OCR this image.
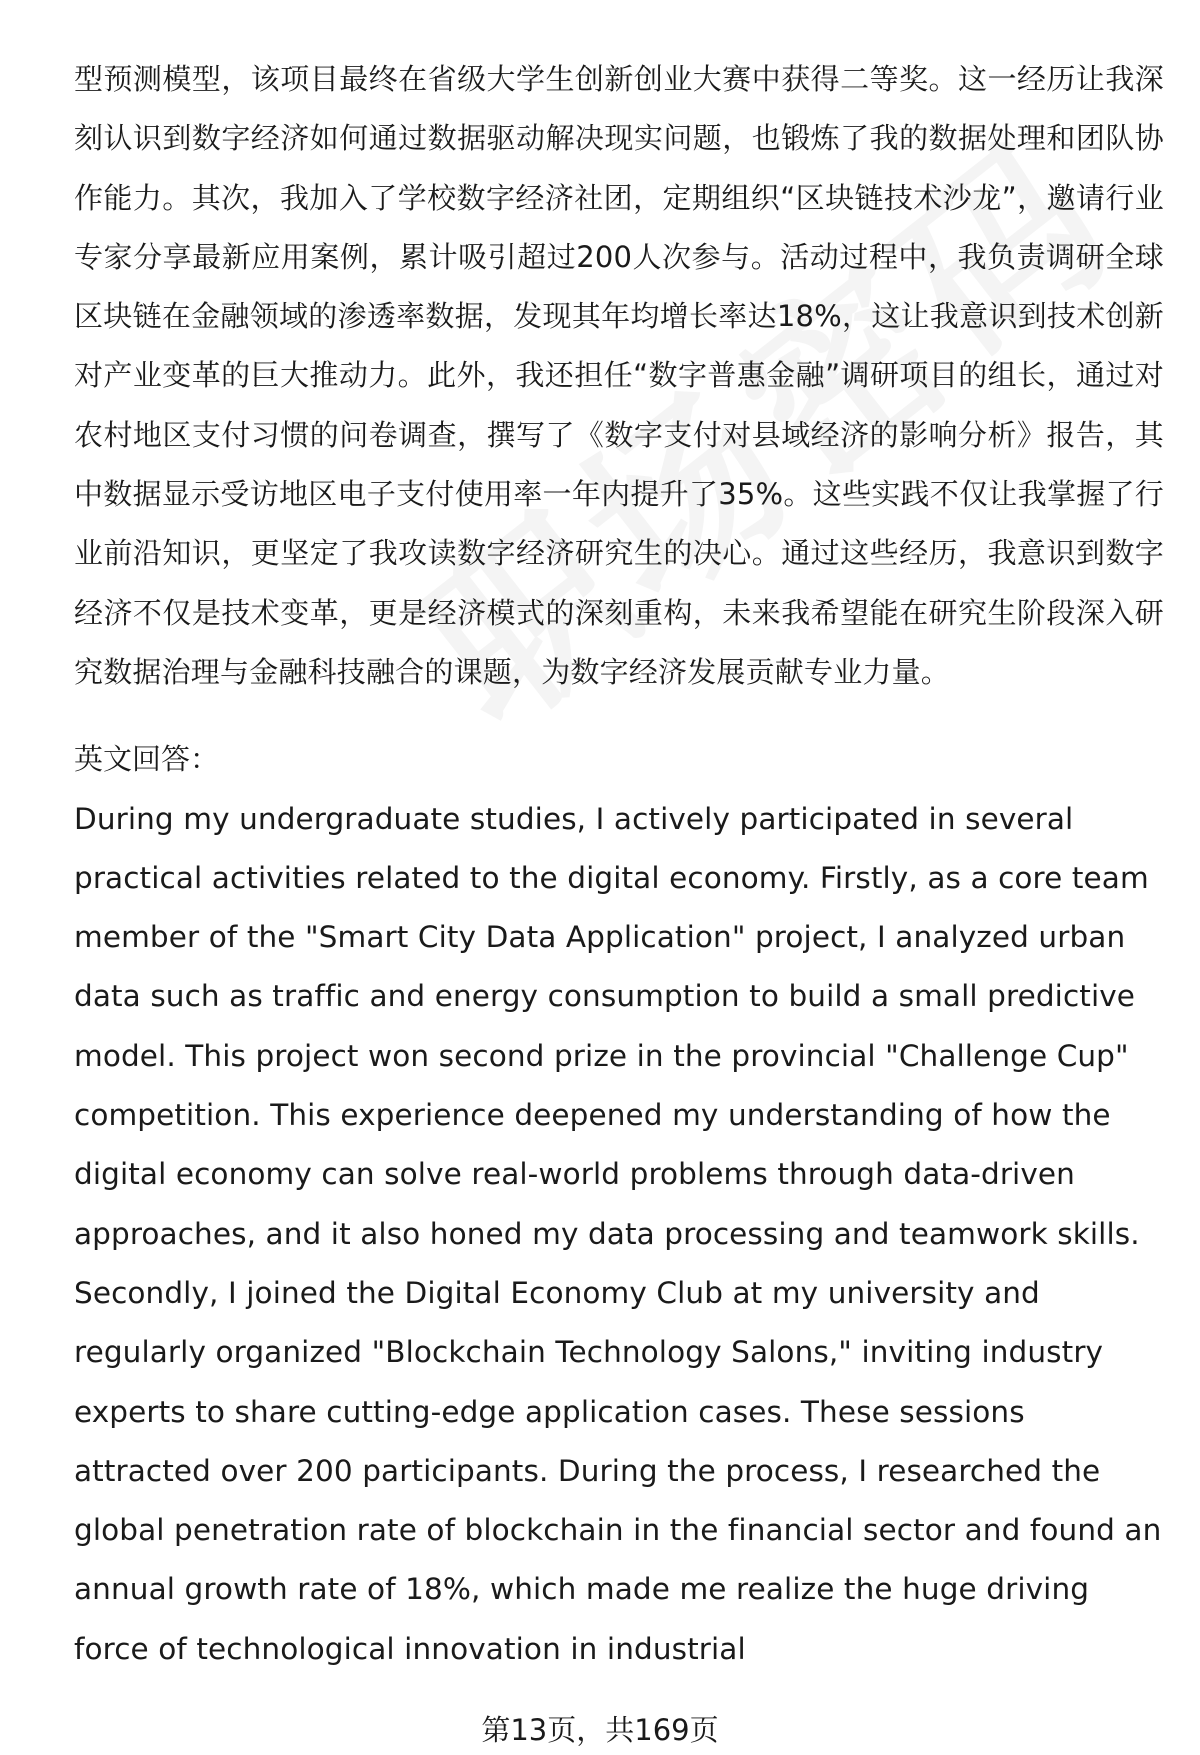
型预测模型，该项目最终在省级大学生创新创业大赛中获得二等奖。这一经历让我深刻认识到数字经济如何通过数据驱动解决现实问题，也锻炼了我的数据处理和团队协作能力。其次，我加入了学校数字经济社团，定期组织“区块链技术沙龙”，邀请行业专家分享最新应用案例，累计吸引超过200人次参与。活动过程中，我负责调研全球区块链在金融领域的渗透率数据，发现其年均增长率达18%，这让我意识到技术创新对产业变革的巨大推动力。此外，我还担任“数字普惠金融”调研项目的组长，通过对农村地区支付习惯的问卷调查，撰写了《数字支付对县域经济的影响分析》报告，其中数据显示受访地区电子支付使用率一年内提升了35%。这些实践不仅让我掌握了行业前沿知识，更坚定了我攻读数字经济研究生的决心。通过这些经历，我意识到数字经济不仅是技术变革，更是经济模式的深刻重构，未来我希望能在研究生阶段深入研究数据治理与金融科技融合的课题，为数字经济发展贡献专业力量。

英文回答：

During my undergraduate studies, I actively participated in several practical activities related to the digital economy. Firstly, as a core team member of the "Smart City Data Application" project, I analyzed urban data such as traffic and energy consumption to build a small predictive model. This project won second prize in the provincial "Challenge Cup" competition. This experience deepened my understanding of how the digital economy can solve real-world problems through data-driven approaches, and it also honed my data processing and teamwork skills. Secondly, I joined the Digital Economy Club at my university and regularly organized "Blockchain Technology Salons," inviting industry experts to share cutting-edge application cases. These sessions attracted over 200 participants. During the process, I researched the global penetration rate of blockchain in the financial sector and found an annual growth rate of 18%, which made me realize the huge driving force of technological innovation in industrial

第13页，共169页
